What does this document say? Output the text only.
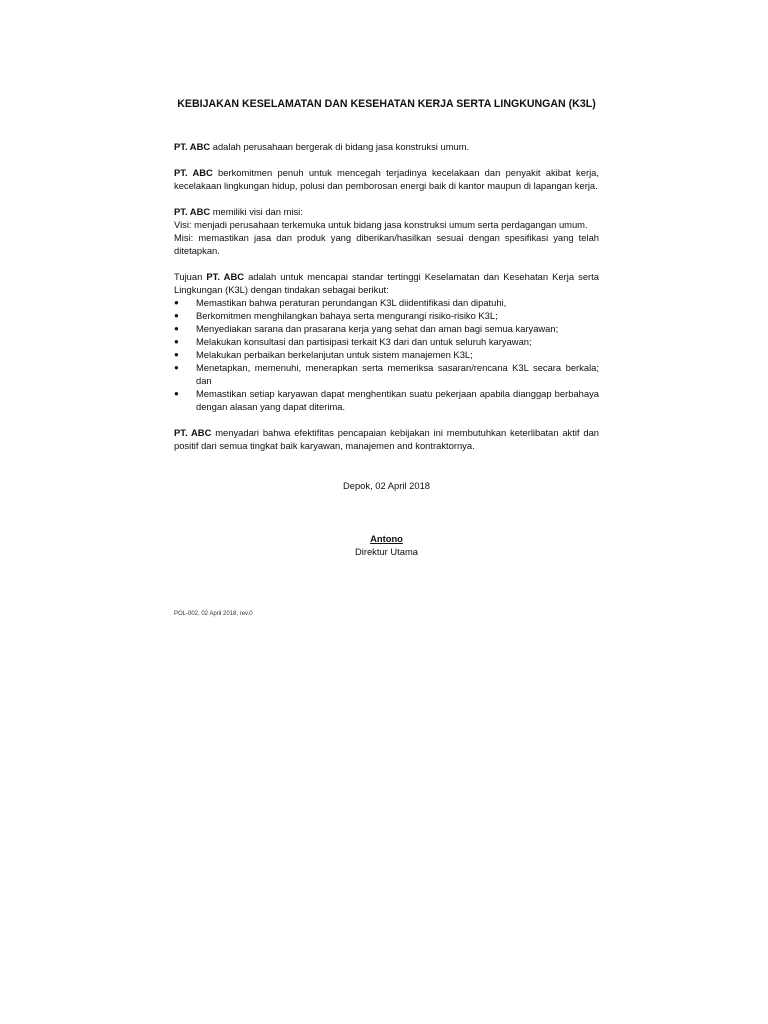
KEBIJAKAN KESELAMATAN DAN KESEHATAN KERJA SERTA LINGKUNGAN (K3L)

PT. ABC adalah perusahaan bergerak di bidang jasa konstruksi umum.

PT. ABC berkomitmen penuh untuk mencegah terjadinya kecelakaan dan penyakit akibat kerja, kecelakaan lingkungan hidup, polusi dan pemborosan energi baik di kantor maupun di lapangan kerja.

PT. ABC memiliki visi dan misi:

Visi: menjadi perusahaan terkemuka untuk bidang jasa konstruksi umum serta perdagangan umum.

Misi: memastikan jasa dan produk yang diberikan/hasilkan sesuai dengan spesifikasi yang telah ditetapkan.

Tujuan PT. ABC adalah untuk mencapai standar tertinggi Keselamatan dan Kesehatan Kerja serta Lingkungan (K3L) dengan tindakan sebagai berikut:

● Memastikan bahwa peraturan perundangan K3L diidentifikasi dan dipatuhi,
● Berkomitmen menghilangkan bahaya serta mengurangi risiko-risiko K3L;
● Menyediakan sarana dan prasarana kerja yang sehat dan aman bagi semua karyawan;
● Melakukan konsultasi dan partisipasi terkait K3 dari dan untuk seluruh karyawan;
● Melakukan perbaikan berkelanjutan untuk sistem manajemen K3L;
● Menetapkan, memenuhi, menerapkan serta memeriksa sasaran/rencana K3L secara berkala; dan
● Memastikan setiap karyawan dapat menghentikan suatu pekerjaan apabila dianggap berbahaya dengan alasan yang dapat diterima.

PT. ABC menyadari bahwa efektifitas pencapaian kebijakan ini membutuhkan keterlibatan aktif dan positif dari semua tingkat baik karyawan, manajemen and kontraktornya.

Depok, 02 April 2018
Antono
Direktur Utama
POL-002, 02 April 2018, rev.0
